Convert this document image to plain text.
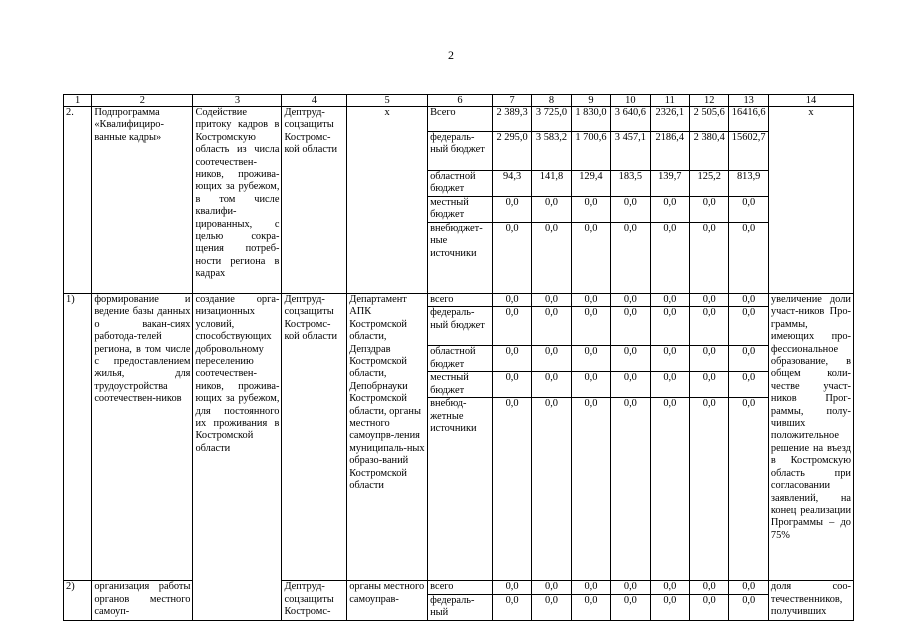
2
1	2	3	4	5	6	7	8	9	10	11	12	13	14
2.	Подпрограмма «Квалифициро-ванные кадры»	Содействие притоку кадров в Костромскую область из числа соотечествен-ников, прожива-ющих за рубежом, в том числе квалифи-цированных, с целью сокра-щения потреб-ности региона в кадрах	Дептруд-соцзащиты Костромс-кой области	х	Всего	2 389,3	3 725,0	1 830,0	3 640,6	2326,1	2 505,6	16416,6	х
					федераль-ный бюджет	2 295,0	3 583,2	1 700,6	3 457,1	2186,4	2 380,4	15602,7	
					областной бюджет	94,3	141,8	129,4	183,5	139,7	125,2	813,9	
					местный бюджет	0,0	0,0	0,0	0,0	0,0	0,0	0,0	
					внебюджет-ные источники	0,0	0,0	0,0	0,0	0,0	0,0	0,0	
1)	формирование и ведение базы данных о вакан-сиях работода-телей региона, в том числе с предоставлением жилья, для трудоустройства соотечествен-ников	создание орга-низационных условий, способствующих добровольному переселению соотечествен-ников, прожива-ющих за рубежом, для постоянного их проживания в Костромской области	Дептруд-соцзащиты Костромс-кой области	Департамент АПК Костромской области, Депздрав Костромской области, Депобрнауки Костромской области, органы местного самоупрв-ления муниципаль-ных образо-ваний Костромской области	всего	0,0	0,0	0,0	0,0	0,0	0,0	0,0	увеличение доли участ-ников Про-граммы, имеющих про-фессиональное образование, в общем коли-честве участ-ников Прог-раммы, полу-чивших положительное решение на въезд в Костромскую область при согласовании заявлений, на конец реализации Программы – до 75%
					федераль-ный бюджет	0,0	0,0	0,0	0,0	0,0	0,0	0,0	
					областной бюджет	0,0	0,0	0,0	0,0	0,0	0,0	0,0	
					местный бюджет	0,0	0,0	0,0	0,0	0,0	0,0	0,0	
					внебюд-жетные источники	0,0	0,0	0,0	0,0	0,0	0,0	0,0	
2)	организация работы органов местного самоуп-		Дептруд-соцзащиты Костромс-	органы местного самоуправ-	всего	0,0	0,0	0,0	0,0	0,0	0,0	0,0	доля соо-течественников, получивших
					федераль-ный	0,0	0,0	0,0	0,0	0,0	0,0	0,0	
